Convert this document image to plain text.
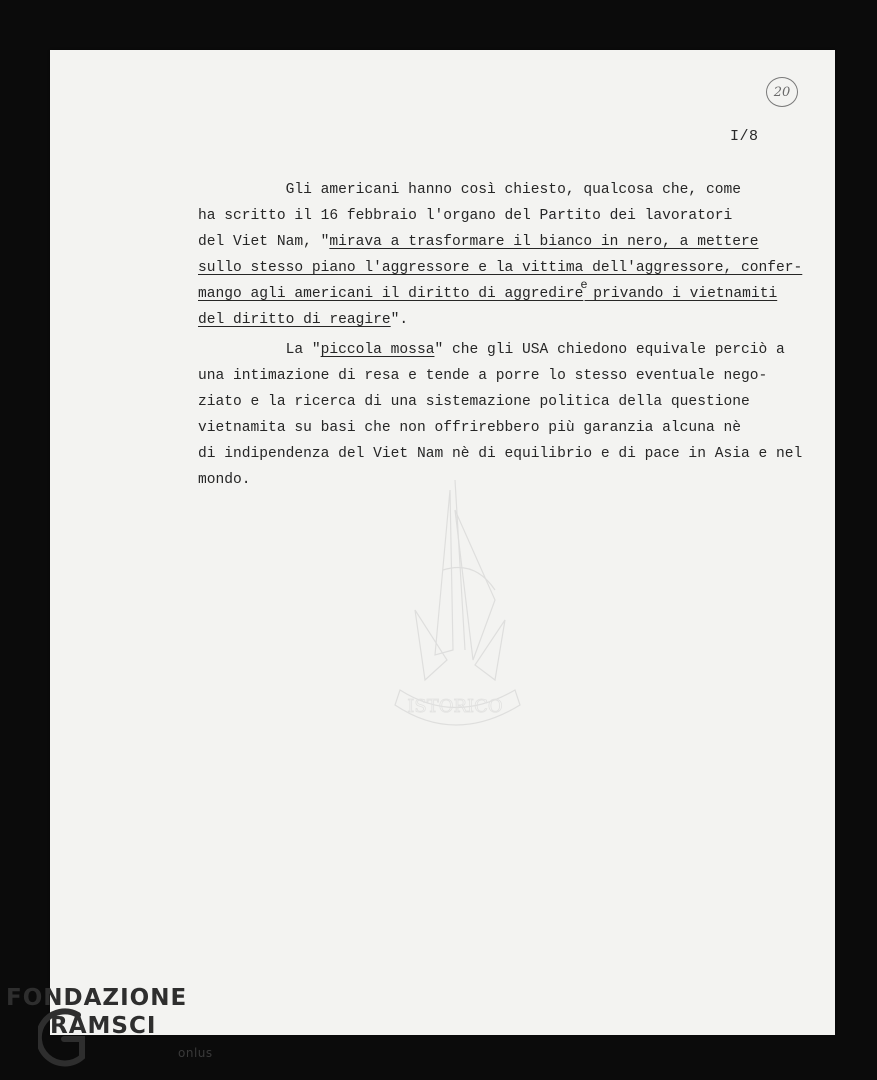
20
I/8
ISTORICO
Gli americani hanno così chiesto, qualcosa che, come
ha scritto il 16 febbraio l'organo del Partito dei lavoratori
del Viet Nam, "mirava a trasformare il bianco in nero, a mettere
sullo stesso piano l'aggressore e la vittima dell'aggressore, confer-
mango agli americani il diritto di aggredire$^e$ privando i vietnamiti
del diritto di reagire".
La "piccola mossa" che gli USA chiedono equivale perciò a
una intimazione di resa e tende a porre lo stesso eventuale nego-
ziato e la ricerca di una sistemazione politica della questione
vietnamita su basi che non offrirebbero più garanzia alcuna nè
di indipendenza del Viet Nam nè di equilibrio e di pace in Asia e nel
mondo.
FONDAZIONE
RAMSCI
onlus
